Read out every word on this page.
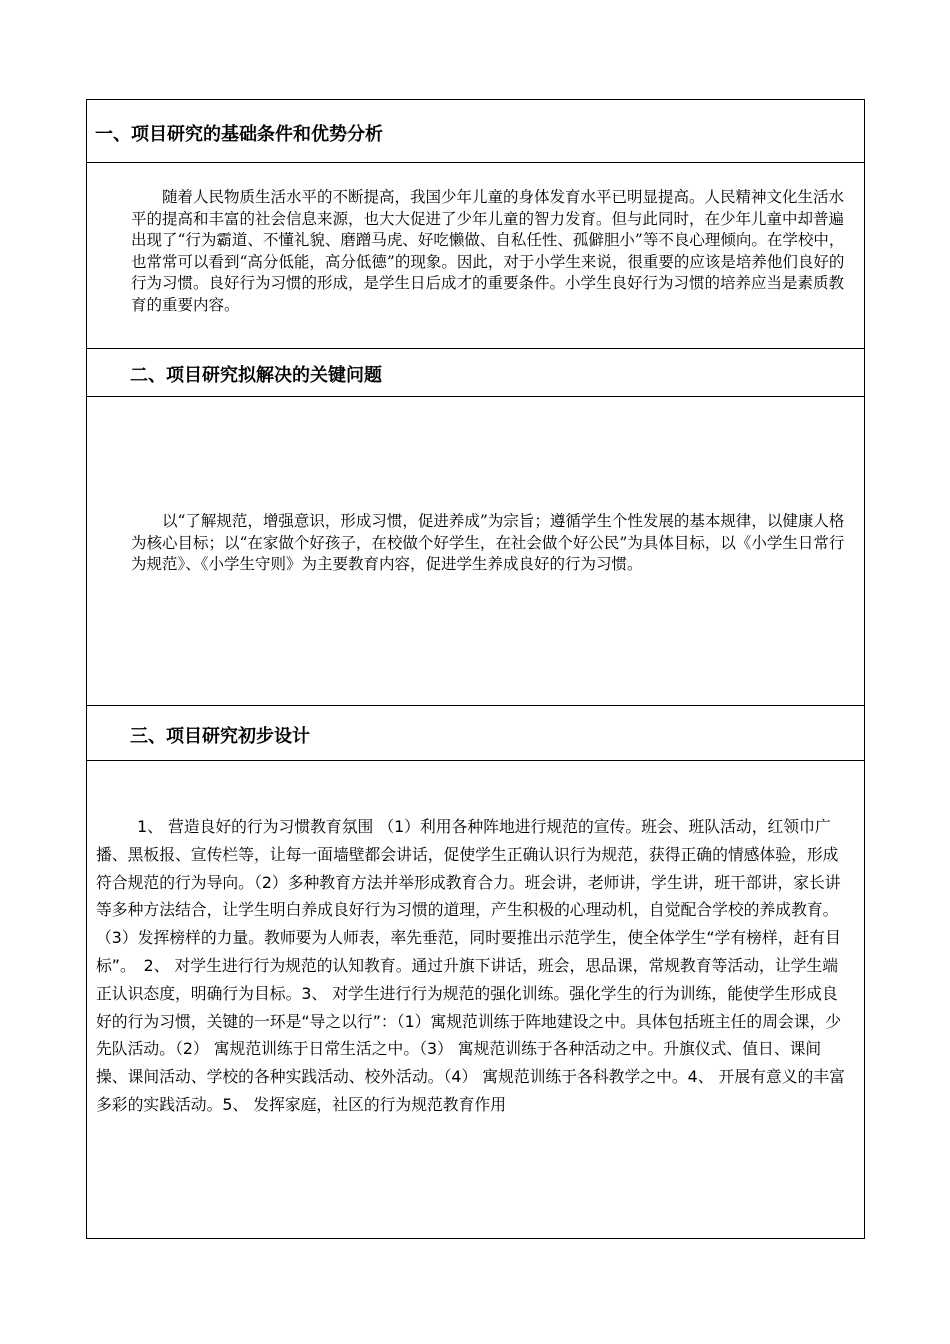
一、项目研究的基础条件和优势分析
随着人民物质生活水平的不断提高，我国少年儿童的身体发育水平已明显提高。人民精神文化生活水平的提高和丰富的社会信息来源，也大大促进了少年儿童的智力发育。但与此同时，在少年儿童中却普遍出现了“行为霸道、不懂礼貌、磨蹭马虎、好吃懒做、自私任性、孤僻胆小”等不良心理倾向。在学校中，也常常可以看到“高分低能，高分低德”的现象。因此，对于小学生来说，很重要的应该是培养他们良好的行为习惯。良好行为习惯的形成，是学生日后成才的重要条件。小学生良好行为习惯的培养应当是素质教育的重要内容。
二、项目研究拟解决的关键问题
以“了解规范，增强意识，形成习惯，促进养成”为宗旨；遵循学生个性发展的基本规律，以健康人格为核心目标；以“在家做个好孩子，在校做个好学生，在社会做个好公民”为具体目标，以《小学生日常行为规范》、《小学生守则》为主要教育内容，促进学生养成良好的行为习惯。
三、项目研究初步设计
1、 营造良好的行为习惯教育氛围 （1）利用各种阵地进行规范的宣传。班会、班队活动，红领巾广播、黑板报、宣传栏等，让每一面墙壁都会讲话，促使学生正确认识行为规范，获得正确的情感体验，形成符合规范的行为导向。（2）多种教育方法并举形成教育合力。班会讲，老师讲，学生讲，班干部讲，家长讲等多种方法结合，让学生明白养成良好行为习惯的道理，产生积极的心理动机，自觉配合学校的养成教育。（3）发挥榜样的力量。教师要为人师表，率先垂范，同时要推出示范学生，使全体学生“学有榜样，赶有目标”。　2、 对学生进行行为规范的认知教育。通过升旗下讲话，班会，思品课，常规教育等活动，让学生端正认识态度，明确行为目标。3、 对学生进行行为规范的强化训练。强化学生的行为训练，能使学生形成良好的行为习惯，关键的一环是“导之以行”：（1）寓规范训练于阵地建设之中。具体包括班主任的周会课，少先队活动。（2） 寓规范训练于日常生活之中。（3） 寓规范训练于各种活动之中。升旗仪式、值日、课间操、课间活动、学校的各种实践活动、校外活动。（4） 寓规范训练于各科教学之中。4、 开展有意义的丰富多彩的实践活动。5、 发挥家庭，社区的行为规范教育作用
